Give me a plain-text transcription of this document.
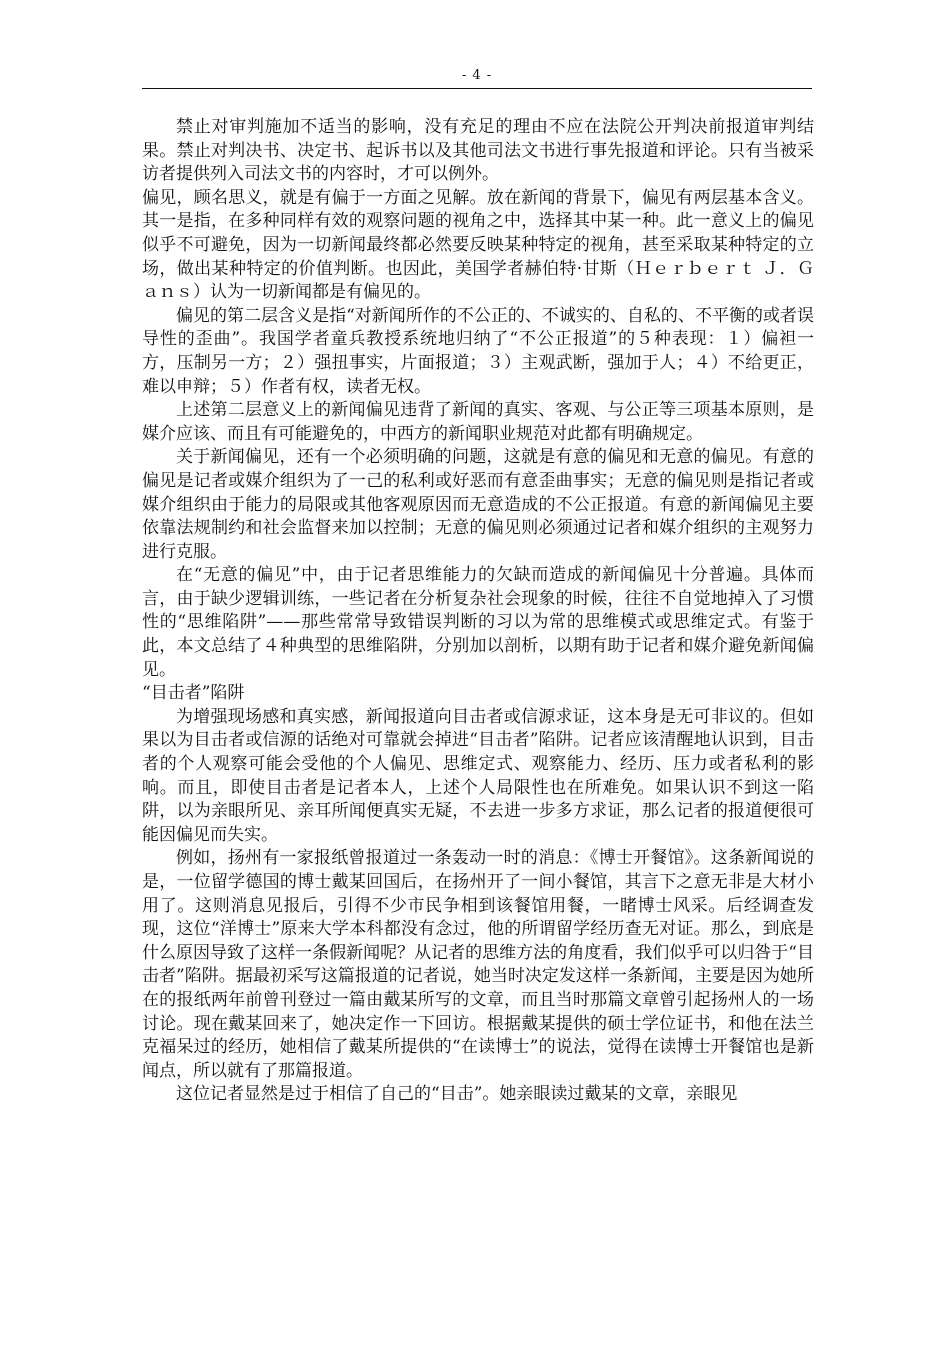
- 4 -

禁止对审判施加不适当的影响，没有充足的理由不应在法院公开判决前报道审判结果。禁止对判决书、决定书、起诉书以及其他司法文书进行事先报道和评论。只有当被采访者提供列入司法文书的内容时，才可以例外。

偏见，顾名思义，就是有偏于一方面之见解。放在新闻的背景下，偏见有两层基本含义。其一是指，在多种同样有效的观察问题的视角之中，选择其中某一种。此一意义上的偏见似乎不可避免，因为一切新闻最终都必然要反映某种特定的视角，甚至采取某种特定的立场，做出某种特定的价值判断。也因此，美国学者赫伯特·甘斯（Ｈｅｒｂｅｒｔ Ｊ．Ｇａｎｓ）认为一切新闻都是有偏见的。

偏见的第二层含义是指“对新闻所作的不公正的、不诚实的、自私的、不平衡的或者误导性的歪曲”。我国学者童兵教授系统地归纳了“不公正报道”的５种表现：１）偏袒一方，压制另一方；２）强扭事实，片面报道；３）主观武断，强加于人；４）不给更正，难以申辩；５）作者有权，读者无权。

上述第二层意义上的新闻偏见违背了新闻的真实、客观、与公正等三项基本原则，是媒介应该、而且有可能避免的，中西方的新闻职业规范对此都有明确规定。

关于新闻偏见，还有一个必须明确的问题，这就是有意的偏见和无意的偏见。有意的偏见是记者或媒介组织为了一己的私利或好恶而有意歪曲事实；无意的偏见则是指记者或媒介组织由于能力的局限或其他客观原因而无意造成的不公正报道。有意的新闻偏见主要依靠法规制约和社会监督来加以控制；无意的偏见则必须通过记者和媒介组织的主观努力进行克服。

在“无意的偏见”中，由于记者思维能力的欠缺而造成的新闻偏见十分普遍。具体而言，由于缺少逻辑训练，一些记者在分析复杂社会现象的时候，往往不自觉地掉入了习惯性的“思维陷阱”——那些常常导致错误判断的习以为常的思维模式或思维定式。有鉴于此，本文总结了４种典型的思维陷阱，分别加以剖析，以期有助于记者和媒介避免新闻偏见。

“目击者”陷阱

为增强现场感和真实感，新闻报道向目击者或信源求证，这本身是无可非议的。但如果以为目击者或信源的话绝对可靠就会掉进“目击者”陷阱。记者应该清醒地认识到，目击者的个人观察可能会受他的个人偏见、思维定式、观察能力、经历、压力或者私利的影响。而且，即使目击者是记者本人，上述个人局限性也在所难免。如果认识不到这一陷阱，以为亲眼所见、亲耳所闻便真实无疑，不去进一步多方求证，那么记者的报道便很可能因偏见而失实。

例如，扬州有一家报纸曾报道过一条轰动一时的消息：《博士开餐馆》。这条新闻说的是，一位留学德国的博士戴某回国后，在扬州开了一间小餐馆，其言下之意无非是大材小用了。这则消息见报后，引得不少市民争相到该餐馆用餐，一睹博士风采。后经调查发现，这位“洋博士”原来大学本科都没有念过，他的所谓留学经历查无对证。那么，到底是什么原因导致了这样一条假新闻呢？从记者的思维方法的角度看，我们似乎可以归咎于“目击者”陷阱。据最初采写这篇报道的记者说，她当时决定发这样一条新闻，主要是因为她所在的报纸两年前曾刊登过一篇由戴某所写的文章，而且当时那篇文章曾引起扬州人的一场讨论。现在戴某回来了，她决定作一下回访。根据戴某提供的硕士学位证书，和他在法兰克福呆过的经历，她相信了戴某所提供的“在读博士”的说法，觉得在读博士开餐馆也是新闻点，所以就有了那篇报道。

这位记者显然是过于相信了自己的“目击”。她亲眼读过戴某的文章，亲眼见
